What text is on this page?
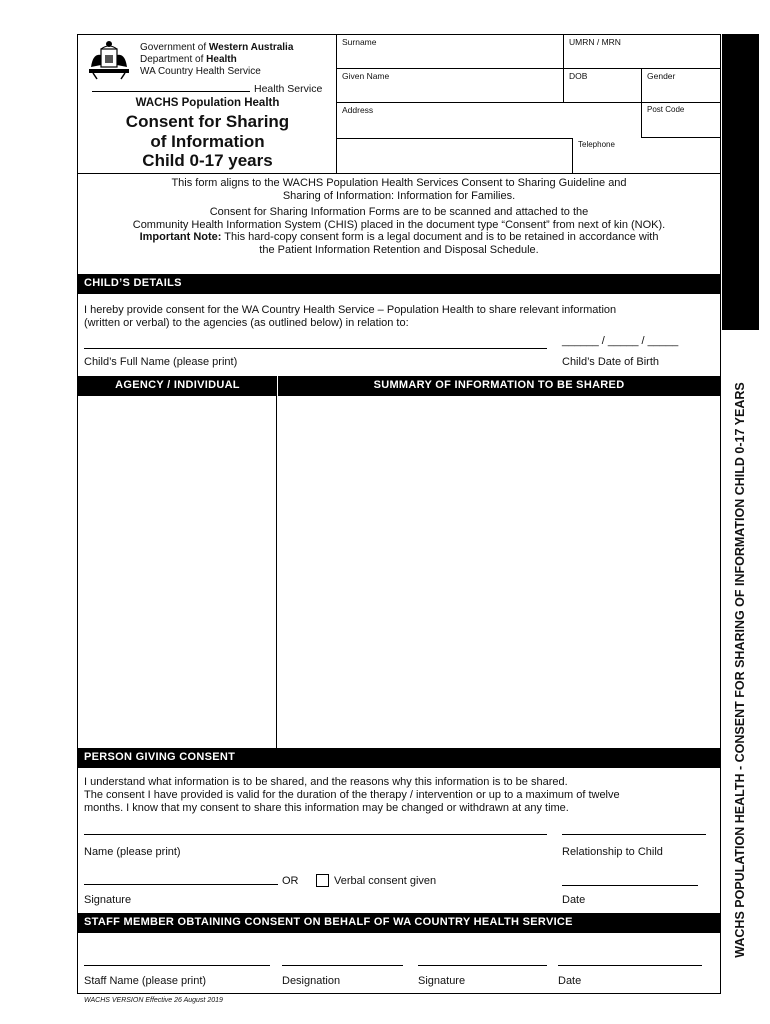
Government of Western Australia
Department of Health
WA Country Health Service
Health Service
WACHS Population Health
Consent for Sharing
of Information
Child 0-17 years
Surname	UMRN / MRN
Given Name	DOB	Gender
Address	Post Code
Telephone

This form aligns to the WACHS Population Health Services Consent to Sharing Guideline and
Sharing of Information: Information for Families.

Consent for Sharing Information Forms are to be scanned and attached to the
Community Health Information System (CHIS) placed in the document type “Consent” from next of kin (NOK).
Important Note: This hard-copy consent form is a legal document and is to be retained in accordance with
the Patient Information Retention and Disposal Schedule.

CHILD’S DETAILS
I hereby provide consent for the WA Country Health Service – Population Health to share relevant information
(written or verbal) to the agencies (as outlined below) in relation to:
______ / _____ / _____
Child’s Full Name (please print)	Child’s Date of Birth
AGENCY / INDIVIDUAL	SUMMARY OF INFORMATION TO BE SHARED
PERSON GIVING CONSENT
I understand what information is to be shared, and the reasons why this information is to be shared.
The consent I have provided is valid for the duration of the therapy / intervention or up to a maximum of twelve
months. I know that my consent to share this information may be changed or withdrawn at any time.
Name (please print)	Relationship to Child
OR	Verbal consent given
Signature	Date
STAFF MEMBER OBTAINING CONSENT ON BEHALF OF WA COUNTRY HEALTH SERVICE
Staff Name (please print)	Designation	Signature	Date
WACHS POPULATION HEALTH - CONSENT FOR SHARING OF INFORMATION CHILD 0-17 YEARS
WACHS VERSION Effective 26 August 2019
